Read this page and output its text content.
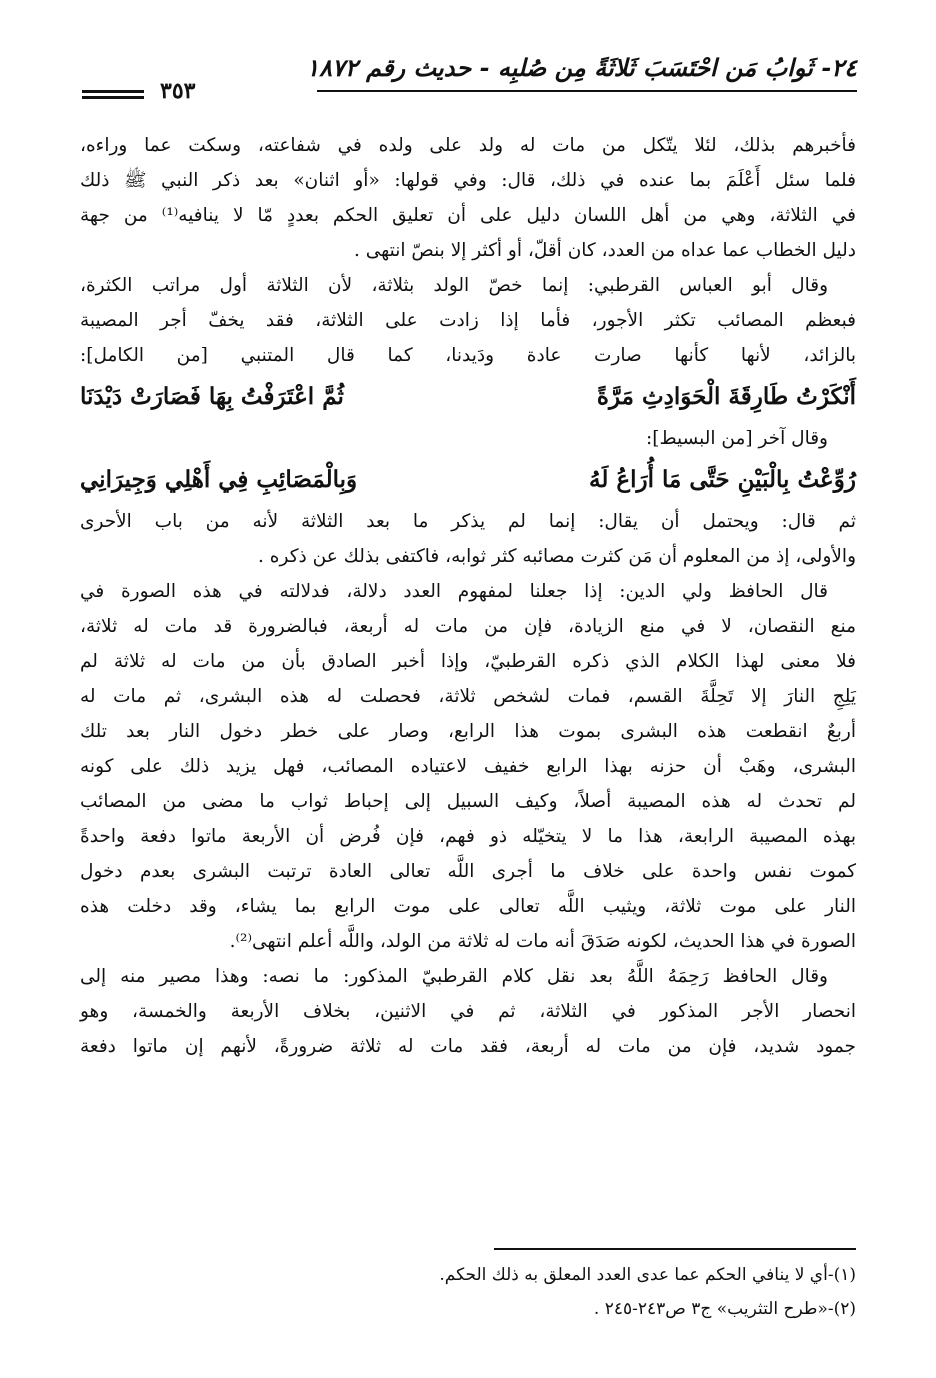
٢٤- ثَوابُ مَن احْتَسَبَ ثَلاثَةً مِن صُلبِه - حديث رقم ١٨٧٢
٣٥٣
فأخبرهم بذلك، لئلا يتّكل من مات له ولد على ولده في شفاعته، وسكت عما وراءه،
فلما سئل أَعْلَمَ بما عنده في ذلك، قال: وفي قولها: «أو اثنان» بعد ذكر النبي ﷺ ذلك
في الثلاثة، وهي من أهل اللسان دليل على أن تعليق الحكم بعددٍ مّا لا ينافيه⁽¹⁾ من جهة
دليل الخطاب عما عداه من العدد، كان أقلّ، أو أكثر إلا بنصّ انتهى .
وقال أبو العباس القرطبي: إنما خصّ الولد بثلاثة، لأن الثلاثة أول مراتب الكثرة،
فبعظم المصائب تكثر الأجور، فأما إذا زادت على الثلاثة، فقد يخفّ أجر المصيبة
بالزائد، لأنها كأنها صارت عادة ودَيدنا، كما قال المتنبي [من الكامل]:
أَنْكَرْتُ طَارِقَةَ الْحَوَادِثِ مَرَّةً
ثُمَّ اعْتَرَفْتُ بِهَا فَصَارَتْ دَيْدَنَا
وقال آخر [من البسيط]:
رُوِّعْتُ بِالْبَيْنِ حَتَّى مَا أُرَاعُ لَهُ
وَبِالْمَصَائِبِ فِي أَهْلِي وَجِيرَانِي
ثم قال: ويحتمل أن يقال: إنما لم يذكر ما بعد الثلاثة لأنه من باب الأحرى
والأولى، إذ من المعلوم أن مَن كثرت مصائبه كثر ثوابه، فاكتفى بذلك عن ذكره .
قال الحافظ ولي الدين: إذا جعلنا لمفهوم العدد دلالة، فدلالته في هذه الصورة في
منع النقصان، لا في منع الزيادة، فإن من مات له أربعة، فبالضرورة قد مات له ثلاثة،
فلا معنى لهذا الكلام الذي ذكره القرطبيّ، وإذا أخبر الصادق بأن من مات له ثلاثة لم
يَلِجِ النارَ إلا تَحِلَّةَ القسم، فمات لشخص ثلاثة، فحصلت له هذه البشرى، ثم مات له
أربعٌ انقطعت هذه البشرى بموت هذا الرابع، وصار على خطر دخول النار بعد تلك
البشرى، وهَبْ أن حزنه بهذا الرابع خفيف لاعتياده المصائب، فهل يزيد ذلك على كونه
لم تحدث له هذه المصيبة أصلاً، وكيف السبيل إلى إحباط ثواب ما مضى من المصائب
بهذه المصيبة الرابعة، هذا ما لا يتخيّله ذو فهم، فإن فُرض أن الأربعة ماتوا دفعة واحدةً
كموت نفس واحدة على خلاف ما أجرى اللَّه تعالى العادة ترتبت البشرى بعدم دخول
النار على موت ثلاثة، ويثيب اللَّه تعالى على موت الرابع بما يشاء، وقد دخلت هذه
الصورة في هذا الحديث، لكونه صَدَقَ أنه مات له ثلاثة من الولد، واللَّه أعلم انتهى⁽²⁾.
وقال الحافظ رَحِمَهُ اللَّهُ بعد نقل كلام القرطبيّ المذكور: ما نصه: وهذا مصير منه إلى
انحصار الأجر المذكور في الثلاثة، ثم في الاثنين، بخلاف الأربعة والخمسة، وهو
جمود شديد، فإن من مات له أربعة، فقد مات له ثلاثة ضرورةً، لأنهم إن ماتوا دفعة
(١)-أي لا ينافي الحكم عما عدى العدد المعلق به ذلك الحكم.
(٢)-«طرح التثريب» ج٣ ص٢٤٣-٢٤٥ .
